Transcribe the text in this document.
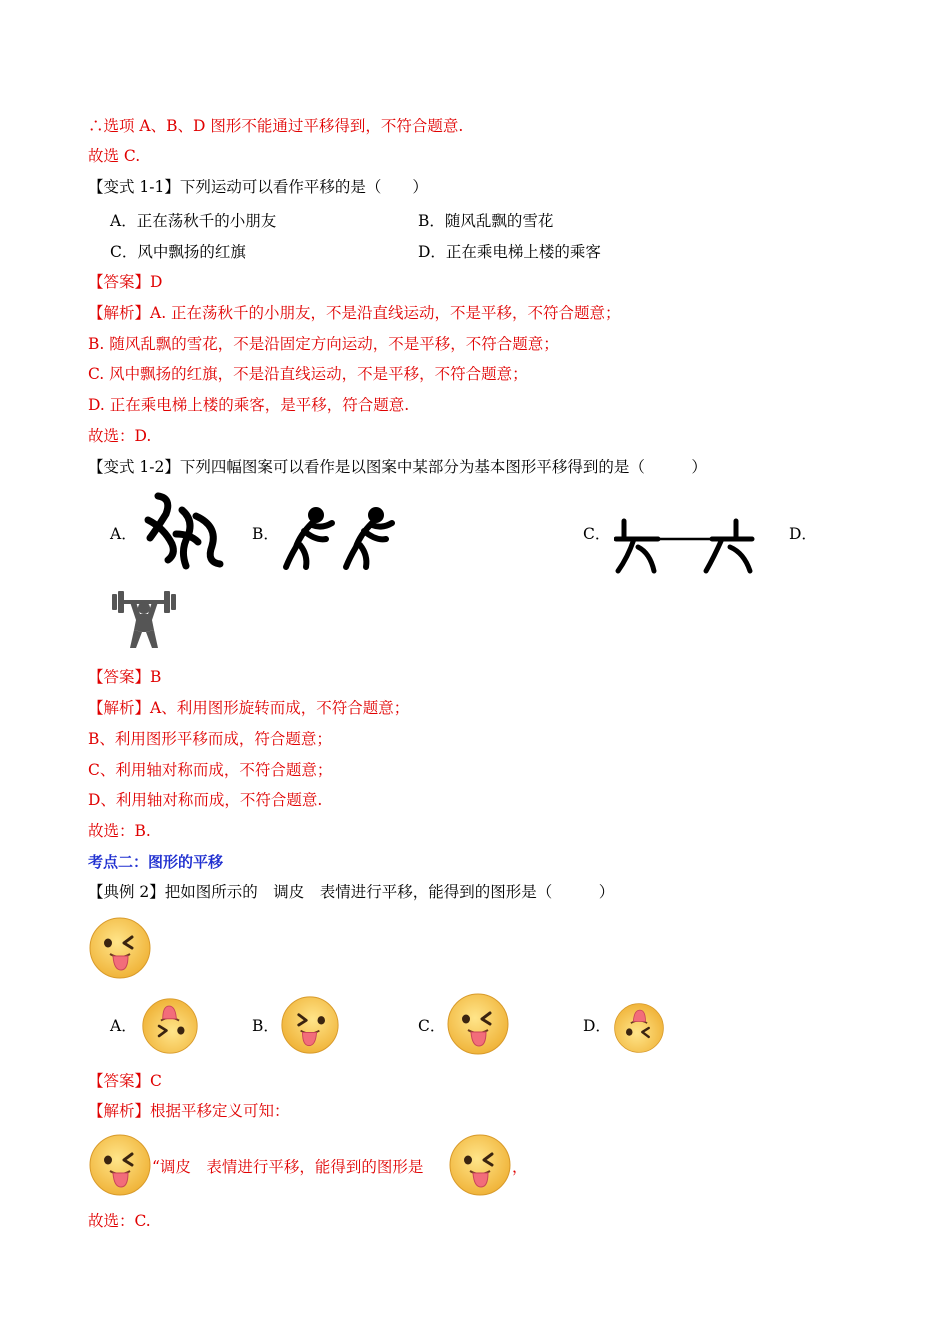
∴选项 A、B、D 图形不能通过平移得到，不符合题意.
故选 C.
【变式 1-1】下列运动可以看作平移的是（　　）
A．正在荡秋千的小朋友	B．随风乱飘的雪花
C．风中飘扬的红旗	D．正在乘电梯上楼的乘客
【答案】D
【解析】A. 正在荡秋千的小朋友，不是沿直线运动，不是平移，不符合题意；
B. 随风乱飘的雪花，不是沿固定方向运动，不是平移，不符合题意；
C. 风中飘扬的红旗，不是沿直线运动，不是平移，不符合题意；
D. 正在乘电梯上楼的乘客，是平移，符合题意.
故选：D.
【变式 1-2】下列四幅图案可以看作是以图案中某部分为基本图形平移得到的是（　　　）
A．	B．	C．	D．
【答案】B
【解析】A、利用图形旋转而成，不符合题意；
B、利用图形平移而成，符合题意；
C、利用轴对称而成，不符合题意；
D、利用轴对称而成，不符合题意.
故选：B.
考点二：图形的平移
【典例 2】把如图所示的　调皮　表情进行平移，能得到的图形是（　　　）
A．	B．	C．	D．
【答案】C
【解析】根据平移定义可知：
“调皮　表情进行平移，能得到的图形是	，
故选：C.
